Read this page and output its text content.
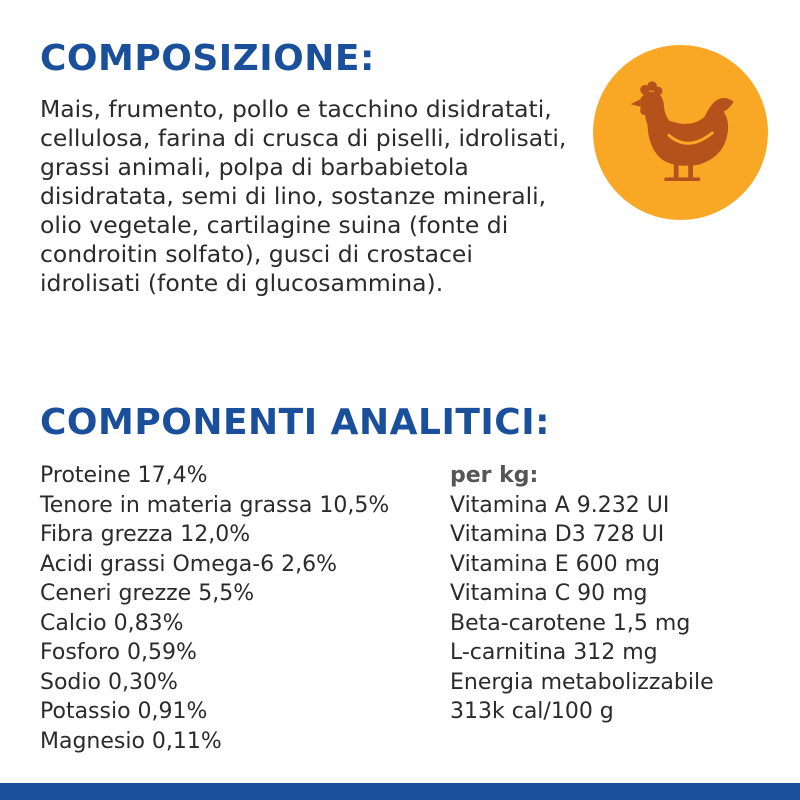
COMPOSIZIONE:

Mais, frumento, pollo e tacchino disidratati, cellulosa, farina di crusca di piselli, idrolisati, grassi animali, polpa di barbabietola disidratata, semi di lino, sostanze minerali, olio vegetale, cartilagine suina (fonte di condroitin solfato), gusci di crostacei idrolisati (fonte di glucosammina).

COMPONENTI ANALITICI:
Proteine 17,4%
Tenore in materia grassa 10,5%
Fibra grezza 12,0%
Acidi grassi Omega-6 2,6%
Ceneri grezze 5,5%
Calcio 0,83%
Fosforo 0,59%
Sodio 0,30%
Potassio 0,91%
Magnesio 0,11%
per kg:
Vitamina A 9.232 UI
Vitamina D3 728 UI
Vitamina E 600 mg
Vitamina C 90 mg
Beta-carotene 1,5 mg
L-carnitina 312 mg
Energia metabolizzabile
313k cal/100 g
